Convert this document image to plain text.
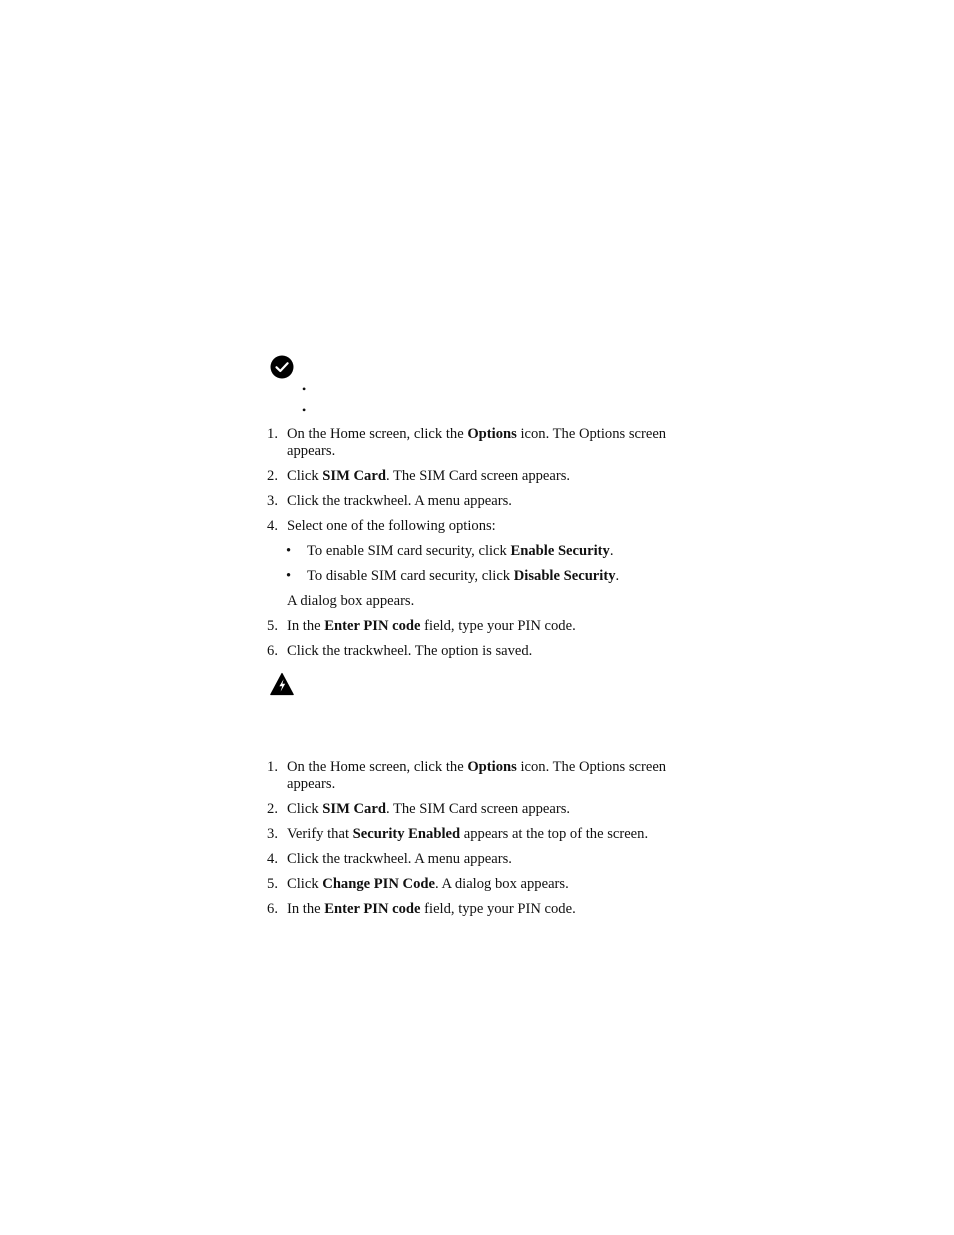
•
•
1. On the Home screen, click the Options icon. The Options screen appears.
2. Click SIM Card. The SIM Card screen appears.
3. Click the trackwheel. A menu appears.
4. Select one of the following options:
• To enable SIM card security, click Enable Security.
• To disable SIM card security, click Disable Security.
A dialog box appears.
5. In the Enter PIN code field, type your PIN code.
6. Click the trackwheel. The option is saved.
1. On the Home screen, click the Options icon. The Options screen appears.
2. Click SIM Card. The SIM Card screen appears.
3. Verify that Security Enabled appears at the top of the screen.
4. Click the trackwheel. A menu appears.
5. Click Change PIN Code. A dialog box appears.
6. In the Enter PIN code field, type your PIN code.
